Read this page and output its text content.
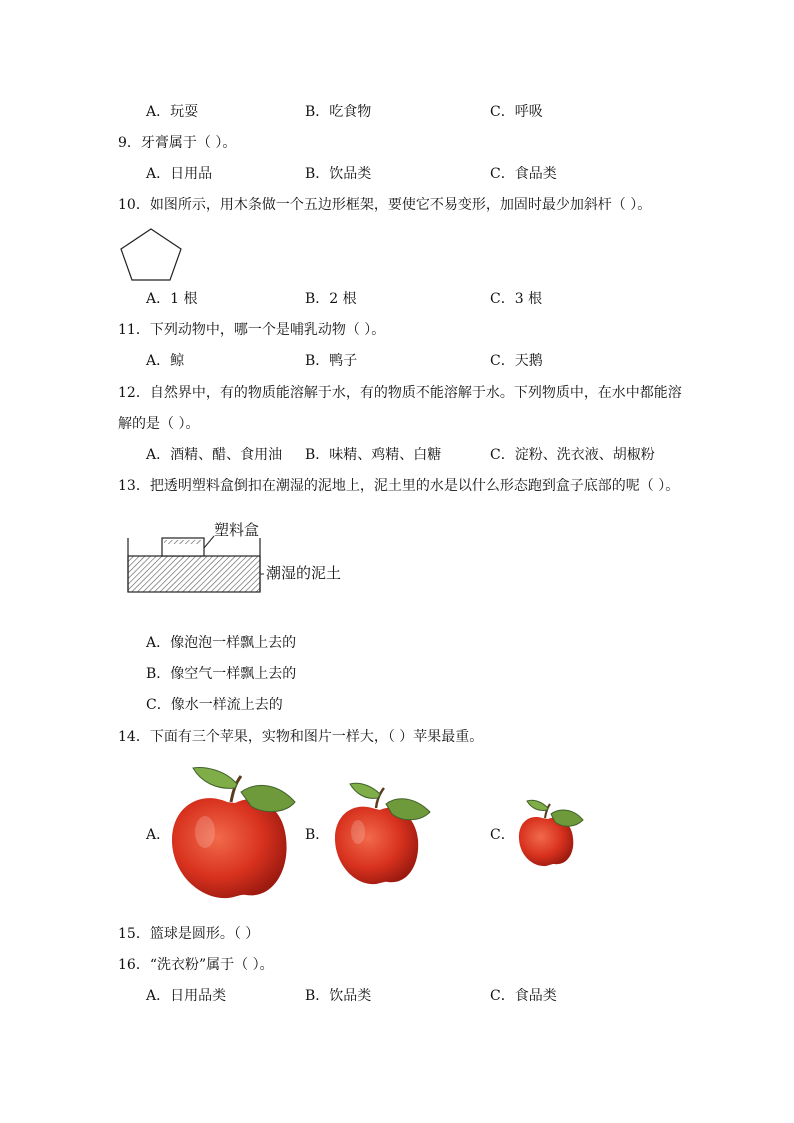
A．玩耍	B．吃食物	C．呼吸
9．牙膏属于（ ）。
A．日用品	B．饮品类	C．食品类
10．如图所示，用木条做一个五边形框架，要使它不易变形，加固时最少加斜杆（ ）。
A．1 根	B．2 根	C．3 根
11．下列动物中，哪一个是哺乳动物（ ）。
A．鲸	B．鸭子	C．天鹅
12．自然界中，有的物质能溶解于水，有的物质不能溶解于水。下列物质中，在水中都能溶
解的是（ ）。
A．酒精、醋、食用油 B．味精、鸡精、白糖	C．淀粉、洗衣液、胡椒粉
13．把透明塑料盒倒扣在潮湿的泥地上，泥土里的水是以什么形态跑到盒子底部的呢（ ）。
塑料盒
潮湿的泥土
A．像泡泡一样飘上去的
B．像空气一样飘上去的
C．像水一样流上去的
14．下面有三个苹果，实物和图片一样大，（ ）苹果最重。
A．	B．	C．
15．篮球是圆形。（ ）
16．“洗衣粉”属于（ ）。
A．日用品类	B．饮品类	C．食品类
